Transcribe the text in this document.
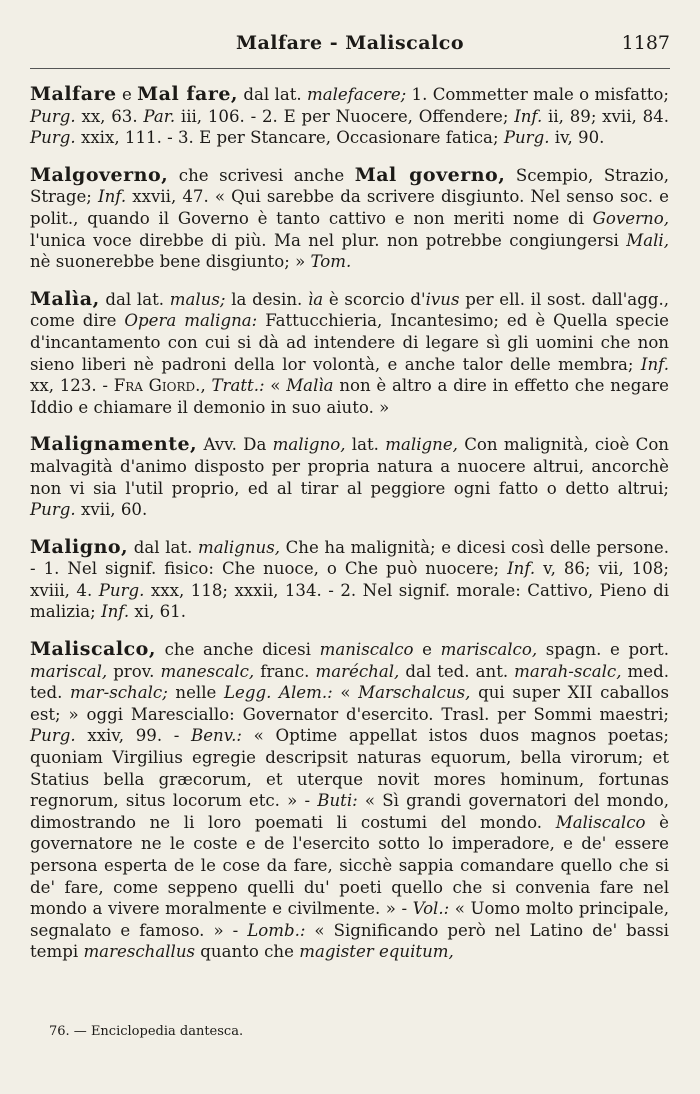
Malfare - Maliscalco	1187

Malfare e Mal fare, dal lat. malefacere; 1. Commetter male o misfatto; Purg. xx, 63. Par. iii, 106. - 2. E per Nuocere, Offendere; Inf. ii, 89; xvii, 84. Purg. xxix, 111. - 3. E per Stancare, Occasionare fatica; Purg. iv, 90.

Malgoverno, che scrivesi anche Mal governo, Scempio, Strazio, Strage; Inf. xxvii, 47. « Qui sarebbe da scrivere disgiunto. Nel senso soc. e polit., quando il Governo è tanto cattivo e non meriti nome di Governo, l'unica voce direbbe di più. Ma nel plur. non potrebbe congiungersi Mali, nè suonerebbe bene disgiunto; » Tom.

Malìa, dal lat. malus; la desin. ìa è scorcio d'ivus per ell. il sost. dall'agg., come dire Opera maligna: Fattucchieria, Incantesimo; ed è Quella specie d'incantamento con cui si dà ad intendere di legare sì gli uomini che non sieno liberi nè padroni della lor volontà, e anche talor delle membra; Inf. xx, 123. - Fra Giord., Tratt.: « Malìa non è altro a dire in effetto che negare Iddio e chiamare il demonio in suo aiuto. »

Malignamente, Avv. Da maligno, lat. maligne, Con malignità, cioè Con malvagità d'animo disposto per propria natura a nuocere altrui, ancorchè non vi sia l'util proprio, ed al tirar al peggiore ogni fatto o detto altrui; Purg. xvii, 60.

Maligno, dal lat. malignus, Che ha malignità; e dicesi così delle persone. - 1. Nel signif. fisico: Che nuoce, o Che può nuocere; Inf. v, 86; vii, 108; xviii, 4. Purg. xxx, 118; xxxii, 134. - 2. Nel signif. morale: Cattivo, Pieno di malizia; Inf. xi, 61.

Maliscalco, che anche dicesi maniscalco e mariscalco, spagn. e port. mariscal, prov. manescalc, franc. maréchal, dal ted. ant. marah-scalc, med. ted. mar-schalc; nelle Legg. Alem.: « Marschalcus, qui super XII caballos est; » oggi Maresciallo: Governator d'esercito. Trasl. per Sommi maestri; Purg. xxiv, 99. - Benv.: « Optime appellat istos duos magnos poetas; quoniam Virgilius egregie descripsit naturas equorum, bella virorum; et Statius bella græcorum, et uterque novit mores hominum, fortunas regnorum, situs locorum etc. » - Buti: « Sì grandi governatori del mondo, dimostrando ne li loro poemati li costumi del mondo. Maliscalco è governatore ne le coste e de l'esercito sotto lo imperadore, e de' essere persona esperta de le cose da fare, sicchè sappia comandare quello che si de' fare, come seppeno quelli du' poeti quello che si convenia fare nel mondo a vivere moralmente e civilmente. » - Vol.: « Uomo molto principale, segnalato e famoso. » - Lomb.: « Significando però nel Latino de' bassi tempi mareschallus quanto che magister equitum,

76. — Enciclopedia dantesca.
